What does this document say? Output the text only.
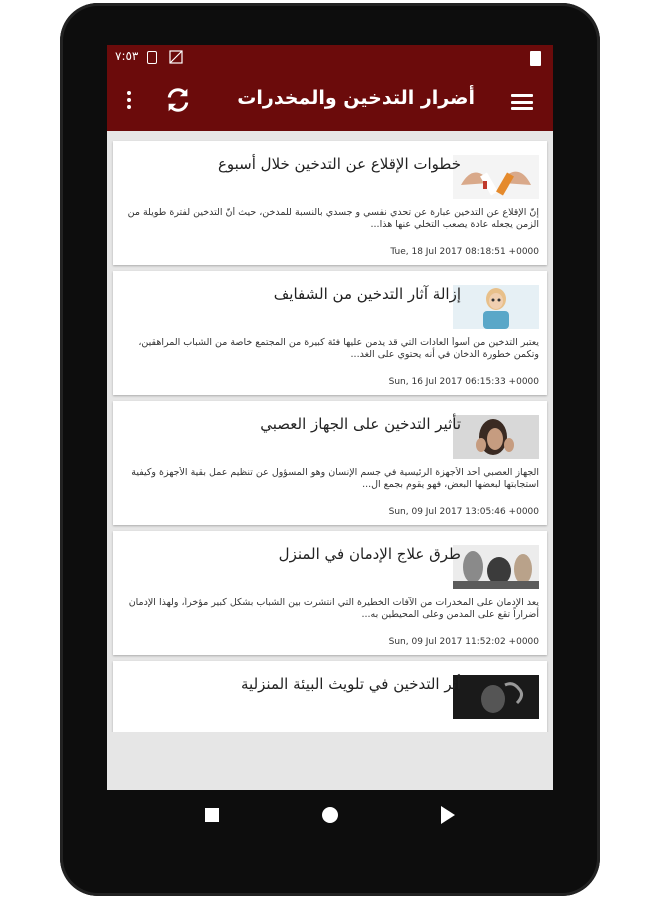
٧:٥٣
أضرار التدخين والمخدرات
خطوات الإقلاع عن التدخين خلال أسبوع
إنّ الإقلاع عن التدخين عبارة عن تحدي نفسي و جسدي بالنسبة للمدخن، حيث أنّ التدخين لفترة طويلة من الزمن يجعله عادة يصعب التخلي عنها هذا...
Tue, 18 Jul 2017 08:18:51 +0000
إزالة آثار التدخين من الشفايف
يعتبر التدخين من أسوأ العادات التي قد يدمن عليها فئة كبيرة من المجتمع خاصة من الشباب المراهقين، وتكمن خطورة الدخان في أنه يحتوي على الغد...
Sun, 16 Jul 2017 06:15:33 +0000
تأثير التدخين على الجهاز العصبي
الجهاز العصبي أحد الأجهزة الرئيسية في جسم الإنسان وهو المسؤول عن تنظيم عمل بقية الأجهزة وكيفية استجابتها لبعضها البعض، فهو يقوم بجمع ال...
Sun, 09 Jul 2017 13:05:46 +0000
طرق علاج الإدمان في المنزل
يعد الإدمان على المخدرات من الآفات الخطيرة التي انتشرت بين الشباب بشكل كبير مؤخراً، ولهذا الإدمان أضراراً تقع على المدمن وعلى المحيطين به...
Sun, 09 Jul 2017 11:52:02 +0000
أثر التدخين في تلويث البيئة المنزلية
